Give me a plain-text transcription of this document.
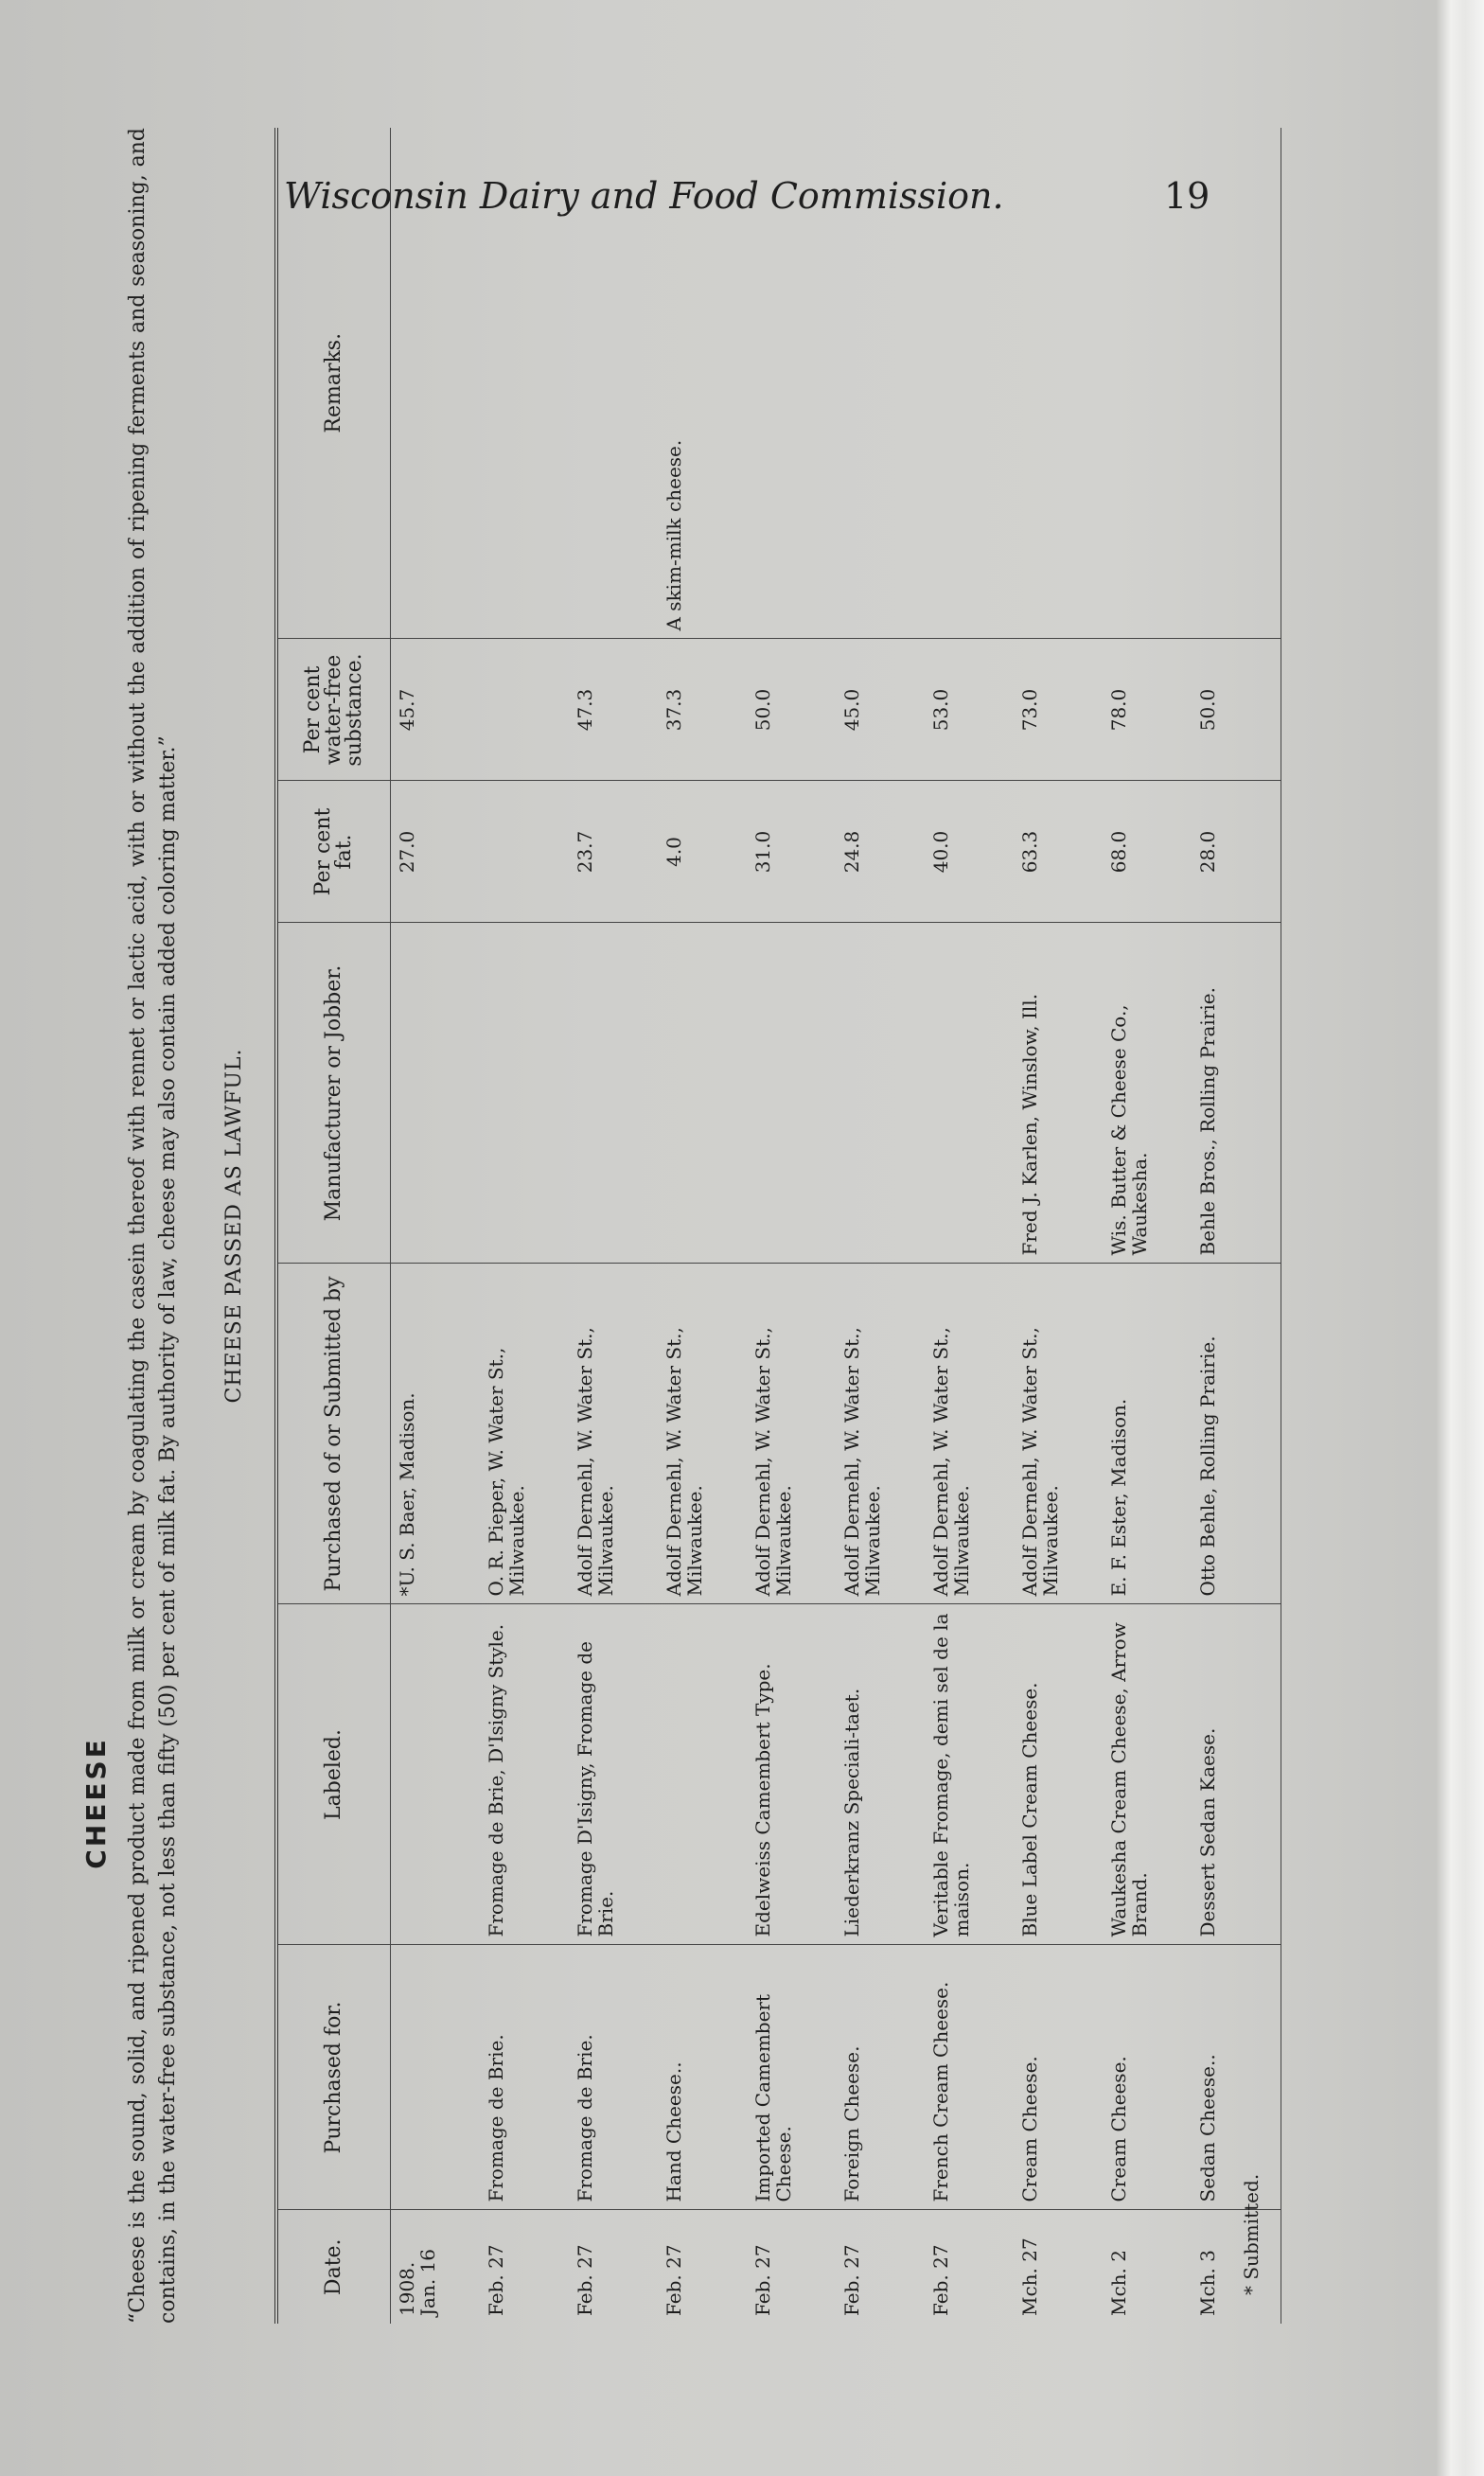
Wisconsin Dairy and Food Commission.	19
CHEESE “Cheese is the sound, solid, and ripened product made from milk or cream by coagulating the casein thereof with rennet or lactic acid, with or without the addition of ripening ferments and seasoning, and contains, in the water-free substance, not less than fifty (50) per cent of milk fat. By authority of law, cheese may also contain added coloring matter.” CHEESE PASSED AS LAWFUL.
Date.	Purchased for.	Labeled.	Purchased of or Submitted by	Manufacturer or Jobber.	Per cent fat.	Per cent water-free substance.	Remarks.

1908.
Jan. 16			*U. S. Baer, Madison.		27.0	45.7	
Feb. 27	Fromage de Brie.	Fromage de Brie, D'Isigny Style.	O. R. Pieper, W. Water St., Milwaukee.				
Feb. 27	Fromage de Brie.	Fromage D'Isigny, Fromage de Brie.	Adolf Dernehl, W. Water St., Milwaukee.		23.7	47.3	
Feb. 27	Hand Cheese..		Adolf Dernehl, W. Water St., Milwaukee.		4.0	37.3	A skim-milk cheese.
Feb. 27	Imported Camembert Cheese.	Edelweiss Camembert Type.	Adolf Dernehl, W. Water St., Milwaukee.		31.0	50.0	
Feb. 27	Foreign Cheese.	Liederkranz Speciali-taet.	Adolf Dernehl, W. Water St., Milwaukee.		24.8	45.0	
Feb. 27	French Cream Cheese.	Veritable Fromage, demi sel de la maison.	Adolf Dernehl, W. Water St., Milwaukee.		40.0	53.0	
Mch. 27	Cream Cheese.	Blue Label Cream Cheese.	Adolf Dernehl, W. Water St., Milwaukee.	Fred J. Karlen, Winslow, Ill.	63.3	73.0	
Mch. 2	Cream Cheese.	Waukesha Cream Cheese, Arrow Brand.	E. F. Ester, Madison.	Wis. Butter & Cheese Co., Waukesha.	68.0	78.0	
Mch. 3	Sedan Cheese..	Dessert Sedan Kaese.	Otto Behle, Rolling Prairie.	Behle Bros., Rolling Prairie.	28.0	50.0	
* Submitted.
